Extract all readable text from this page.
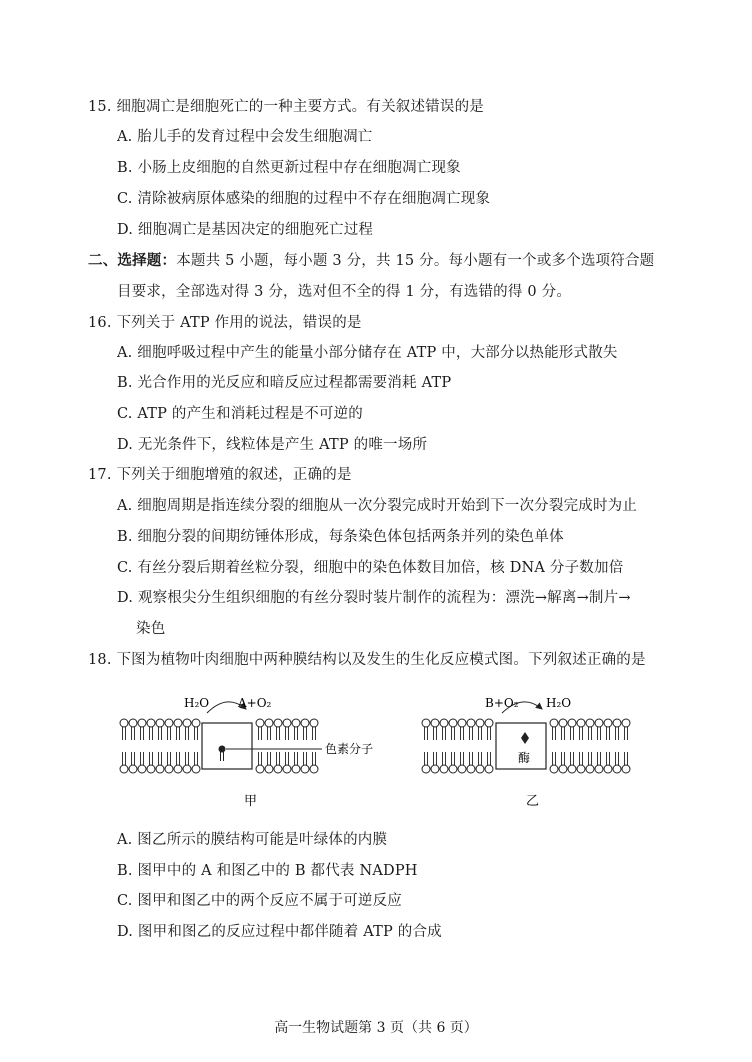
15. 细胞凋亡是细胞死亡的一种主要方式。有关叙述错误的是
A. 胎儿手的发育过程中会发生细胞凋亡
B. 小肠上皮细胞的自然更新过程中存在细胞凋亡现象
C. 清除被病原体感染的细胞的过程中不存在细胞凋亡现象
D. 细胞凋亡是基因决定的细胞死亡过程
二、选择题：本题共 5 小题，每小题 3 分，共 15 分。每小题有一个或多个选项符合题
目要求，全部选对得 3 分，选对但不全的得 1 分，有选错的得 0 分。
16. 下列关于 ATP 作用的说法，错误的是
A. 细胞呼吸过程中产生的能量小部分储存在 ATP 中，大部分以热能形式散失
B. 光合作用的光反应和暗反应过程都需要消耗 ATP
C. ATP 的产生和消耗过程是不可逆的
D. 无光条件下，线粒体是产生 ATP 的唯一场所
17. 下列关于细胞增殖的叙述，正确的是
A. 细胞周期是指连续分裂的细胞从一次分裂完成时开始到下一次分裂完成时为止
B. 细胞分裂的间期纺锤体形成，每条染色体包括两条并列的染色单体
C. 有丝分裂后期着丝粒分裂，细胞中的染色体数目加倍，核 DNA 分子数加倍
D. 观察根尖分生组织细胞的有丝分裂时装片制作的流程为：漂洗→解离→制片→
染色
18. 下图为植物叶肉细胞中两种膜结构以及发生的生化反应模式图。下列叙述正确的是
H₂O A+O₂
色素分子
甲
酶
B+O₂ H₂O
乙
A. 图乙所示的膜结构可能是叶绿体的内膜
B. 图甲中的 A 和图乙中的 B 都代表 NADPH
C. 图甲和图乙中的两个反应不属于可逆反应
D. 图甲和图乙的反应过程中都伴随着 ATP 的合成
高一生物试题第 3 页（共 6 页）
